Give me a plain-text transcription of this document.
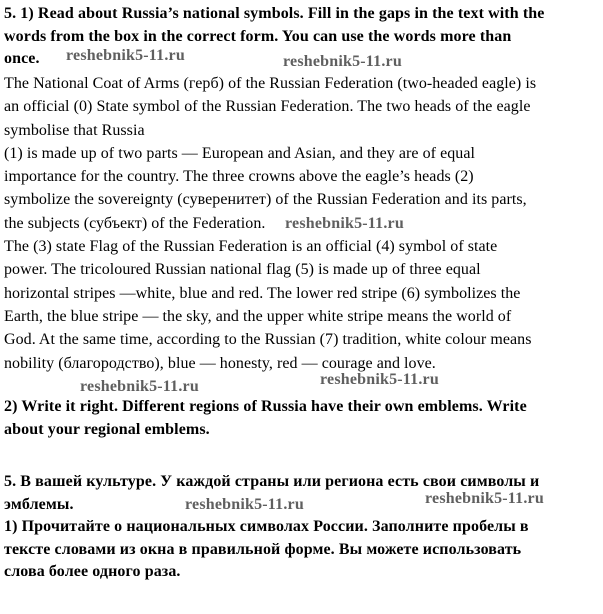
5. 1) Read about Russia’s national symbols. Fill in the gaps in the text with the
words from the box in the correct form. You can use the words more than
once.
The National Coat of Arms (герб) of the Russian Federation (two-headed eagle) is
an official (0) State symbol of the Russian Federation. The two heads of the eagle
symbolise that Russia
(1) is made up of two parts — European and Asian, and they are of equal
importance for the country. The three crowns above the eagle’s heads (2)
symbolize the sovereignty (суверенитет) of the Russian Federation and its parts,
the subjects (субъект) of the Federation.
The (3) state Flag of the Russian Federation is an official (4) symbol of state
power. The tricoloured Russian national flag (5) is made up of three equal
horizontal stripes —white, blue and red. The lower red stripe (6) symbolizes the
Earth, the blue stripe — the sky, and the upper white stripe means the world of
God. At the same time, according to the Russian (7) tradition, white colour means
nobility (благородство), blue — honesty, red — courage and love.
2) Write it right. Different regions of Russia have their own emblems. Write
about your regional emblems.
5. В вашей культуре. У каждой страны или региона есть свои символы и
эмблемы.
1) Прочитайте о национальных символах России. Заполните пробелы в
тексте словами из окна в правильной форме. Вы можете использовать
слова более одного раза.
reshebnik5-11.ru	reshebnik5-11.ru
reshebnik5-11.ru
reshebnik5-11.ru
reshebnik5-11.ru
reshebnik5-11.ru
reshebnik5-11.ru
